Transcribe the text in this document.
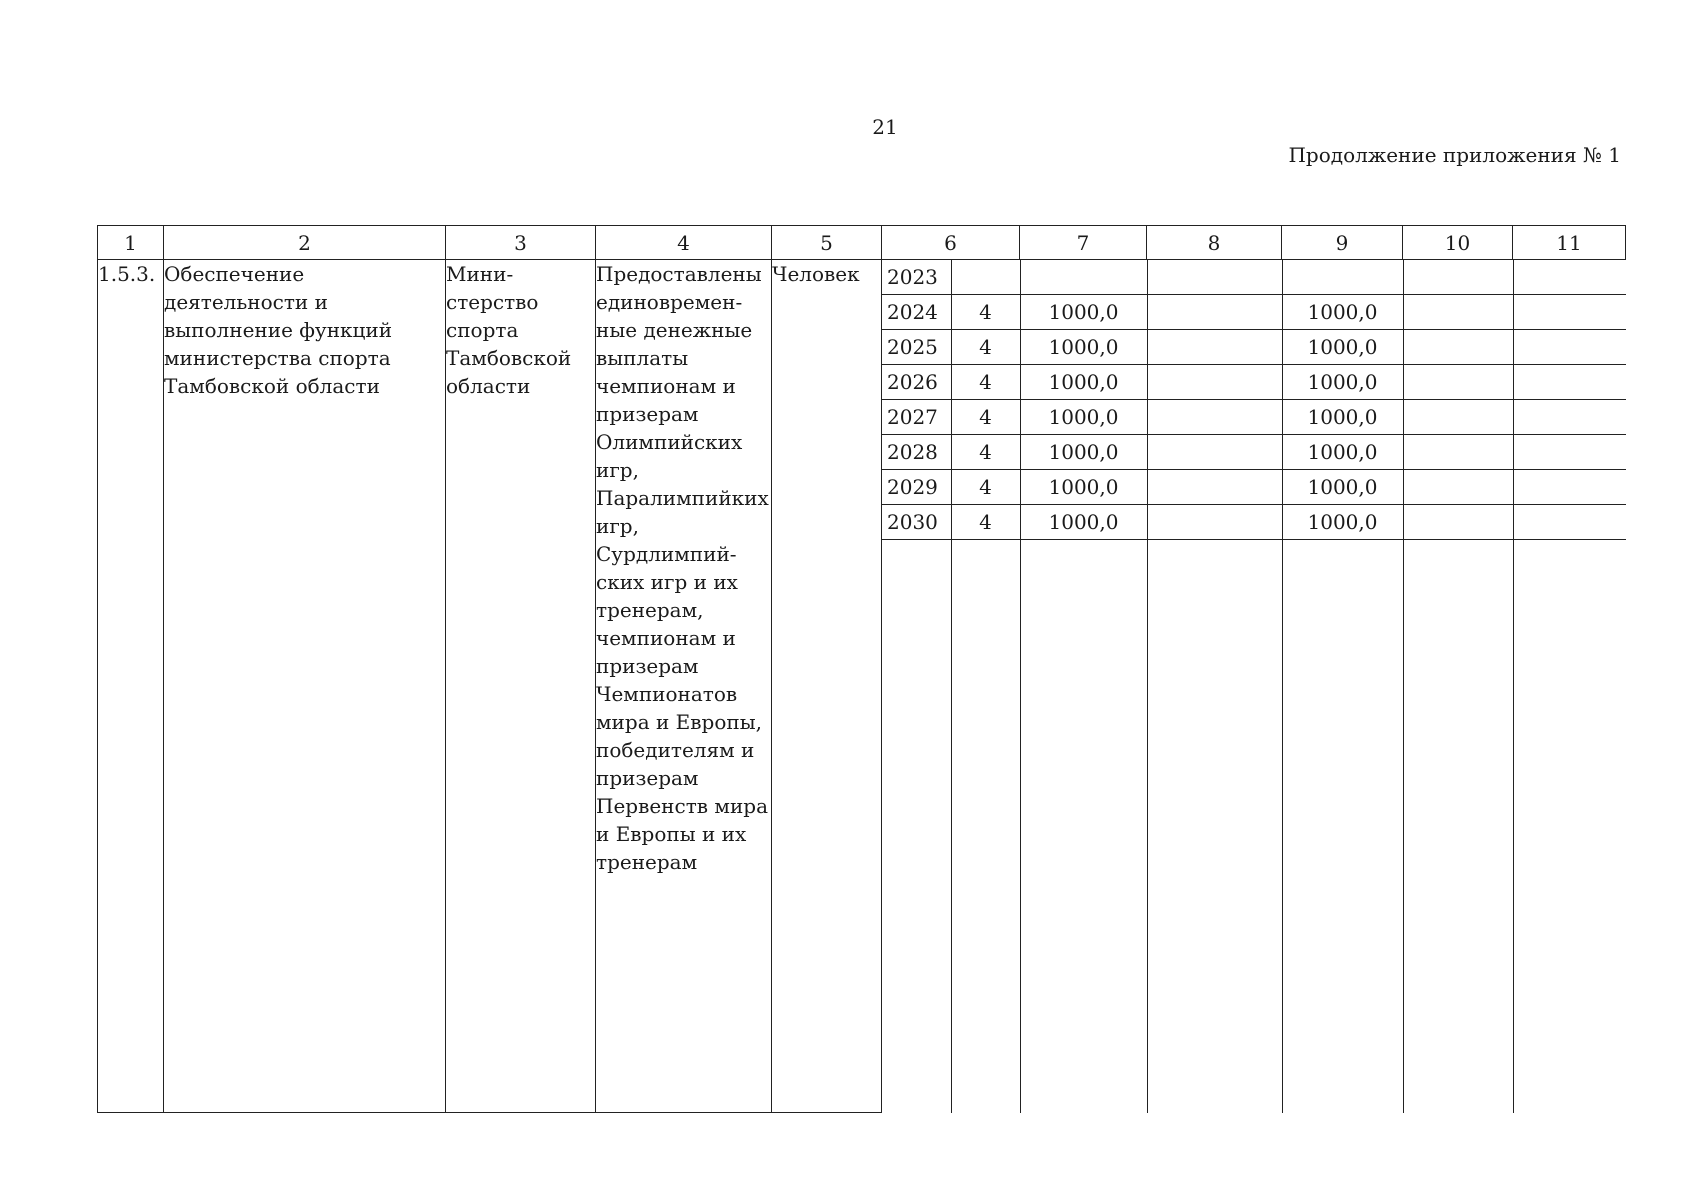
21
Продолжение приложения № 1
1	2	3	4	5	6	7	8	9	10	11
1.5.3.	Обеспечение деятельности и выполнение функций министерства спорта Тамбовской области	Мини-стерство спорта Тамбовской области	Предоставлены единовремен-ные денежные выплаты чемпионам и призерам Олимпийских игр, Паралимпийких игр, Сурдлимпий-ских игр и их тренерам, чемпионам и призерам Чемпионатов мира и Европы, победителям и призерам Первенств мира и Европы и их тренерам	Человек	2023						
2024	4	1000,0		1000,0		
2025	4	1000,0		1000,0		
2026	4	1000,0		1000,0		
2027	4	1000,0		1000,0		
2028	4	1000,0		1000,0		
2029	4	1000,0		1000,0		
2030	4	1000,0		1000,0		
